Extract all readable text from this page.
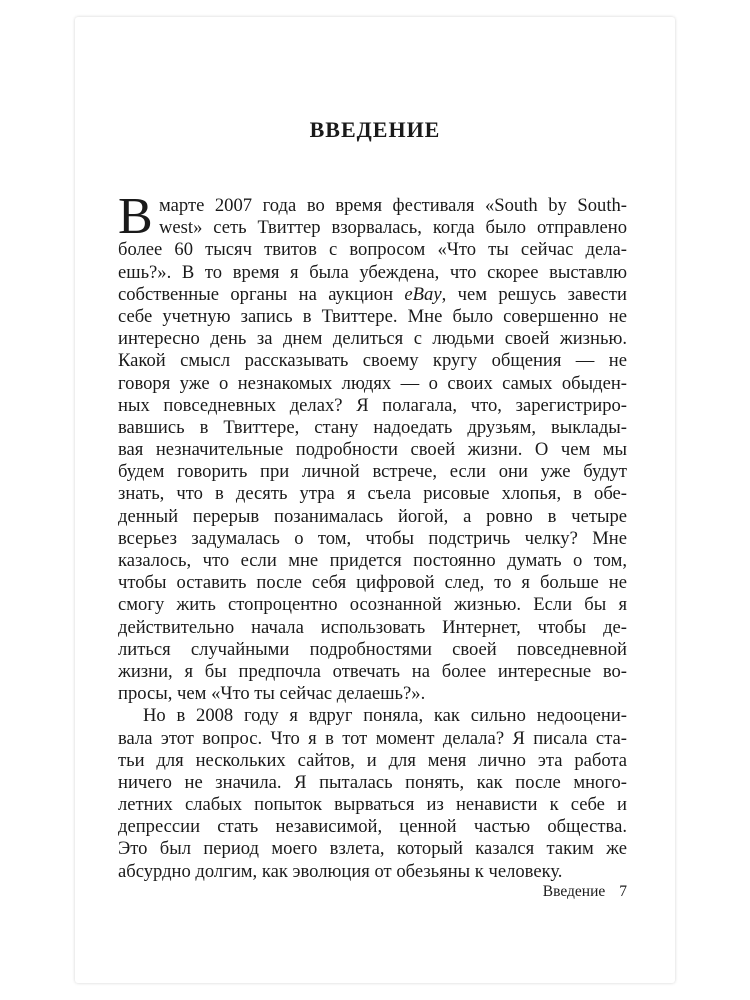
ВВЕДЕНИЕ
В марте 2007 года во время фестиваля «South by South-
west» сеть Твиттер взорвалась, когда было отправлено
более 60 тысяч твитов с вопросом «Что ты сейчас дела-
ешь?». В то время я была убеждена, что скорее выставлю
собственные органы на аукцион eBay, чем решусь завести
себе учетную запись в Твиттере. Мне было совершенно не
интересно день за днем делиться с людьми своей жизнью.
Какой смысл рассказывать своему кругу общения — не
говоря уже о незнакомых людях — о своих самых обыден-
ных повседневных делах? Я полагала, что, зарегистриро-
вавшись в Твиттере, стану надоедать друзьям, выклады-
вая незначительные подробности своей жизни. О чем мы
будем говорить при личной встрече, если они уже будут
знать, что в десять утра я съела рисовые хлопья, в обе-
денный перерыв позанималась йогой, а ровно в четыре
всерьез задумалась о том, чтобы подстричь челку? Мне
казалось, что если мне придется постоянно думать о том,
чтобы оставить после себя цифровой след, то я больше не
смогу жить стопроцентно осознанной жизнью. Если бы я
действительно начала использовать Интернет, чтобы де-
литься случайными подробностями своей повседневной
жизни, я бы предпочла отвечать на более интересные во-
просы, чем «Что ты сейчас делаешь?».
Но в 2008 году я вдруг поняла, как сильно недооцени-
вала этот вопрос. Что я в тот момент делала? Я писала ста-
тьи для нескольких сайтов, и для меня лично эта работа
ничего не значила. Я пыталась понять, как после много-
летних слабых попыток вырваться из ненависти к себе и
депрессии стать независимой, ценной частью общества.
Это был период моего взлета, который казался таким же
абсурдно долгим, как эволюция от обезьяны к человеку.
Введение 7
